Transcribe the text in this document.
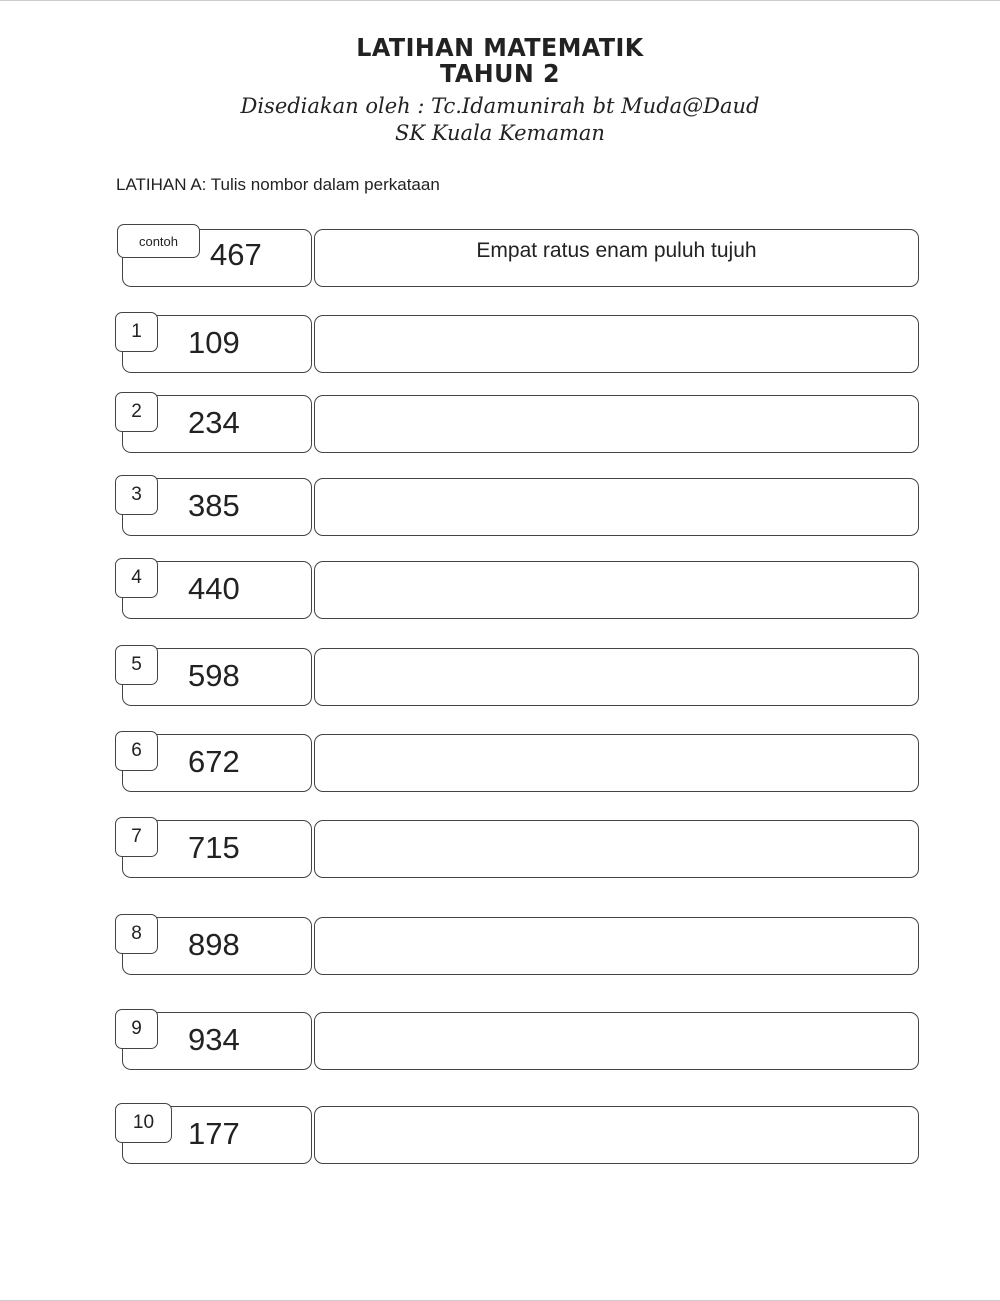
LATIHAN MATEMATIK
TAHUN 2
Disediakan oleh : Tc.Idamunirah bt Muda@Daud
SK Kuala Kemaman
LATIHAN A: Tulis nombor dalam perkataan
contoh	467	Empat ratus enam puluh tujuh
1	109
2	234
3	385
4	440
5	598
6	672
7	715
8	898
9	934
10	177
